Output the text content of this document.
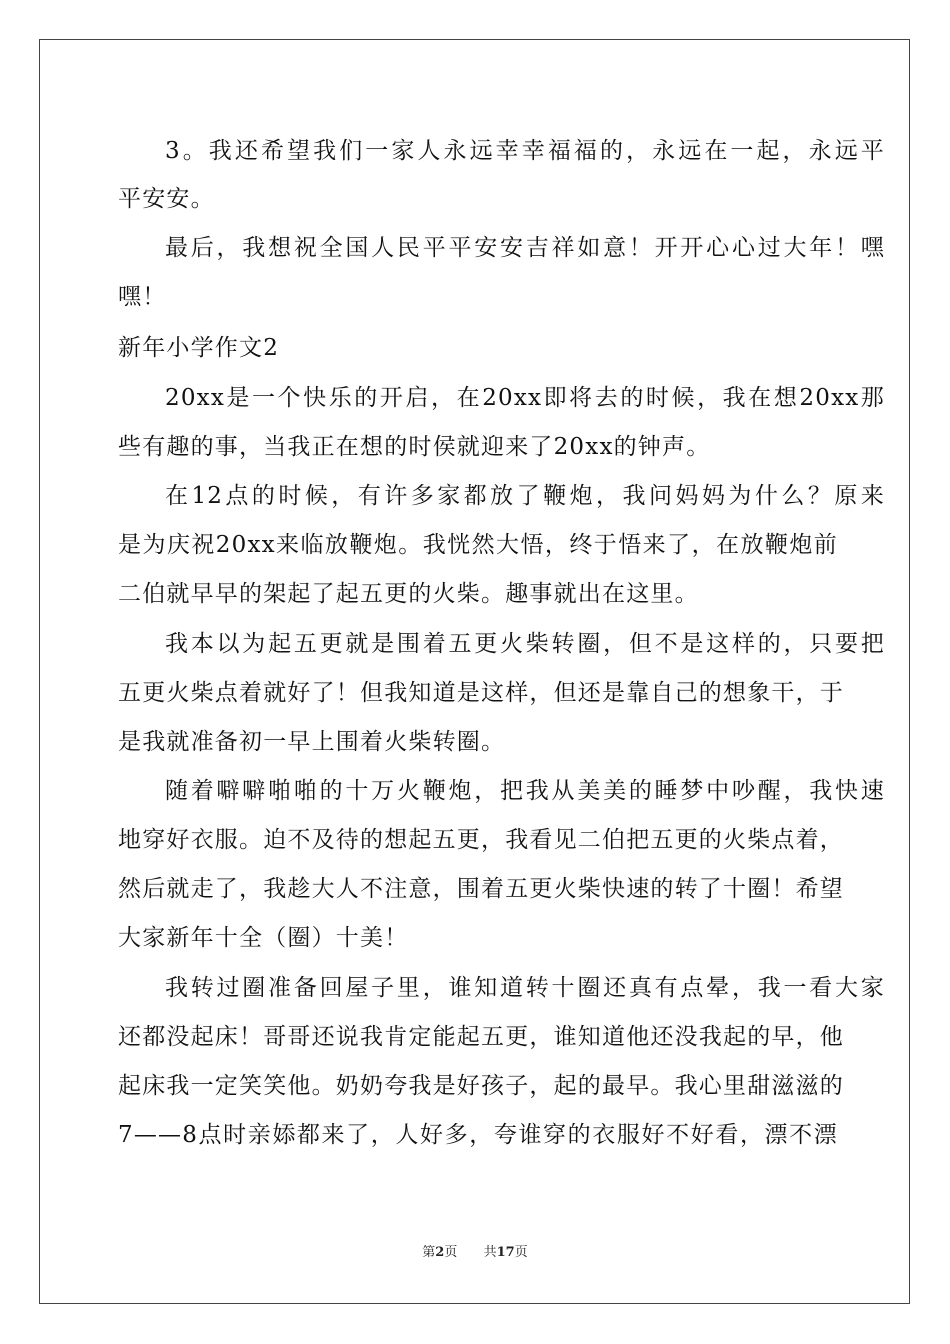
3。我还希望我们一家人永远幸幸福福的，永远在一起，永远平
平安安。
最后，我想祝全国人民平平安安吉祥如意！开开心心过大年！嘿
嘿！
新年小学作文2
20xx是一个快乐的开启，在20xx即将去的时候，我在想20xx那
些有趣的事，当我正在想的时侯就迎来了20xx的钟声。
在12点的时候，有许多家都放了鞭炮，我问妈妈为什么？原来
是为庆祝20xx来临放鞭炮。我恍然大悟，终于悟来了，在放鞭炮前
二伯就早早的架起了起五更的火柴。趣事就出在这里。
我本以为起五更就是围着五更火柴转圈，但不是这样的，只要把
五更火柴点着就好了！但我知道是这样，但还是靠自己的想象干，于
是我就准备初一早上围着火柴转圈。
随着噼噼啪啪的十万火鞭炮，把我从美美的睡梦中吵醒，我快速
地穿好衣服。迫不及待的想起五更，我看见二伯把五更的火柴点着，
然后就走了，我趁大人不注意，围着五更火柴快速的转了十圈！希望
大家新年十全（圈）十美！
我转过圈准备回屋子里，谁知道转十圈还真有点晕，我一看大家
还都没起床！哥哥还说我肯定能起五更，谁知道他还没我起的早，他
起床我一定笑笑他。奶奶夸我是好孩子，起的最早。我心里甜滋滋的
7——8点时亲婖都来了，人好多，夸谁穿的衣服好不好看，漂不漂
第2页 共17页
